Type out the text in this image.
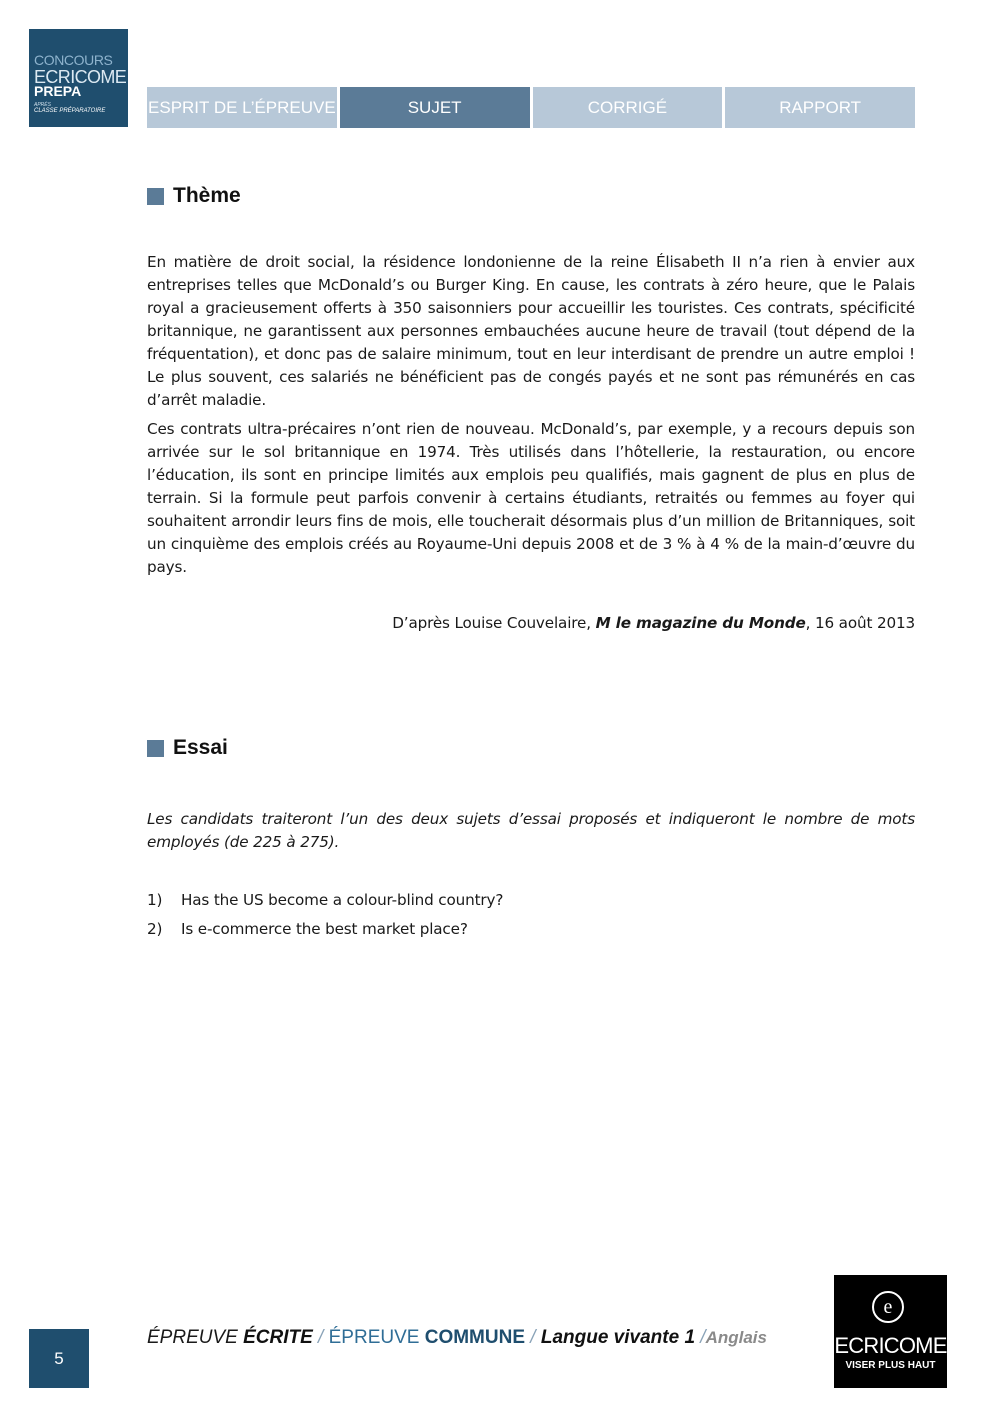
CONCOURS
ECRICOME
PREPA
APRÈS
CLASSE PRÉPARATOIRE	ESPRIT DE L’ÉPREUVE	SUJET	CORRIGÉ	RAPPORT
Thème

En matière de droit social, la résidence londonienne de la reine Élisabeth II n’a rien à envier aux entreprises telles que McDonald’s ou Burger King. En cause, les contrats à zéro heure, que le Palais royal a gracieusement offerts à 350 saisonniers pour accueillir les touristes. Ces contrats, spécificité britannique, ne garantissent aux personnes embauchées aucune heure de travail (tout dépend de la fréquentation), et donc pas de salaire minimum, tout en leur interdisant de prendre un autre emploi ! Le plus souvent, ces salariés ne bénéficient pas de congés payés et ne sont pas rémunérés en cas d’arrêt maladie.

Ces contrats ultra-précaires n’ont rien de nouveau. McDonald’s, par exemple, y a recours depuis son arrivée sur le sol britannique en 1974. Très utilisés dans l’hôtellerie, la restauration, ou encore l’éducation, ils sont en principe limités aux emplois peu qualifiés, mais gagnent de plus en plus de terrain. Si la formule peut parfois convenir à certains étudiants, retraités ou femmes au foyer qui souhaitent arrondir leurs fins de mois, elle toucherait désormais plus d’un million de Britanniques, soit un cinquième des emplois créés au Royaume-Uni depuis 2008 et de 3 % à 4 % de la main-d’œuvre du pays.

D’après Louise Couvelaire, M le magazine du Monde, 16 août 2013
Essai
Les candidats traiteront l’un des deux sujets d’essai proposés et indiqueront le nombre de mots employés (de 225 à 275).
1) Has the US become a colour-blind country?
2) Is e-commerce the best market place?
5
ÉPREUVE ÉCRITE / ÉPREUVE COMMUNE / Langue vivante 1 /Anglais
e
ECRICOME
VISER PLUS HAUT
